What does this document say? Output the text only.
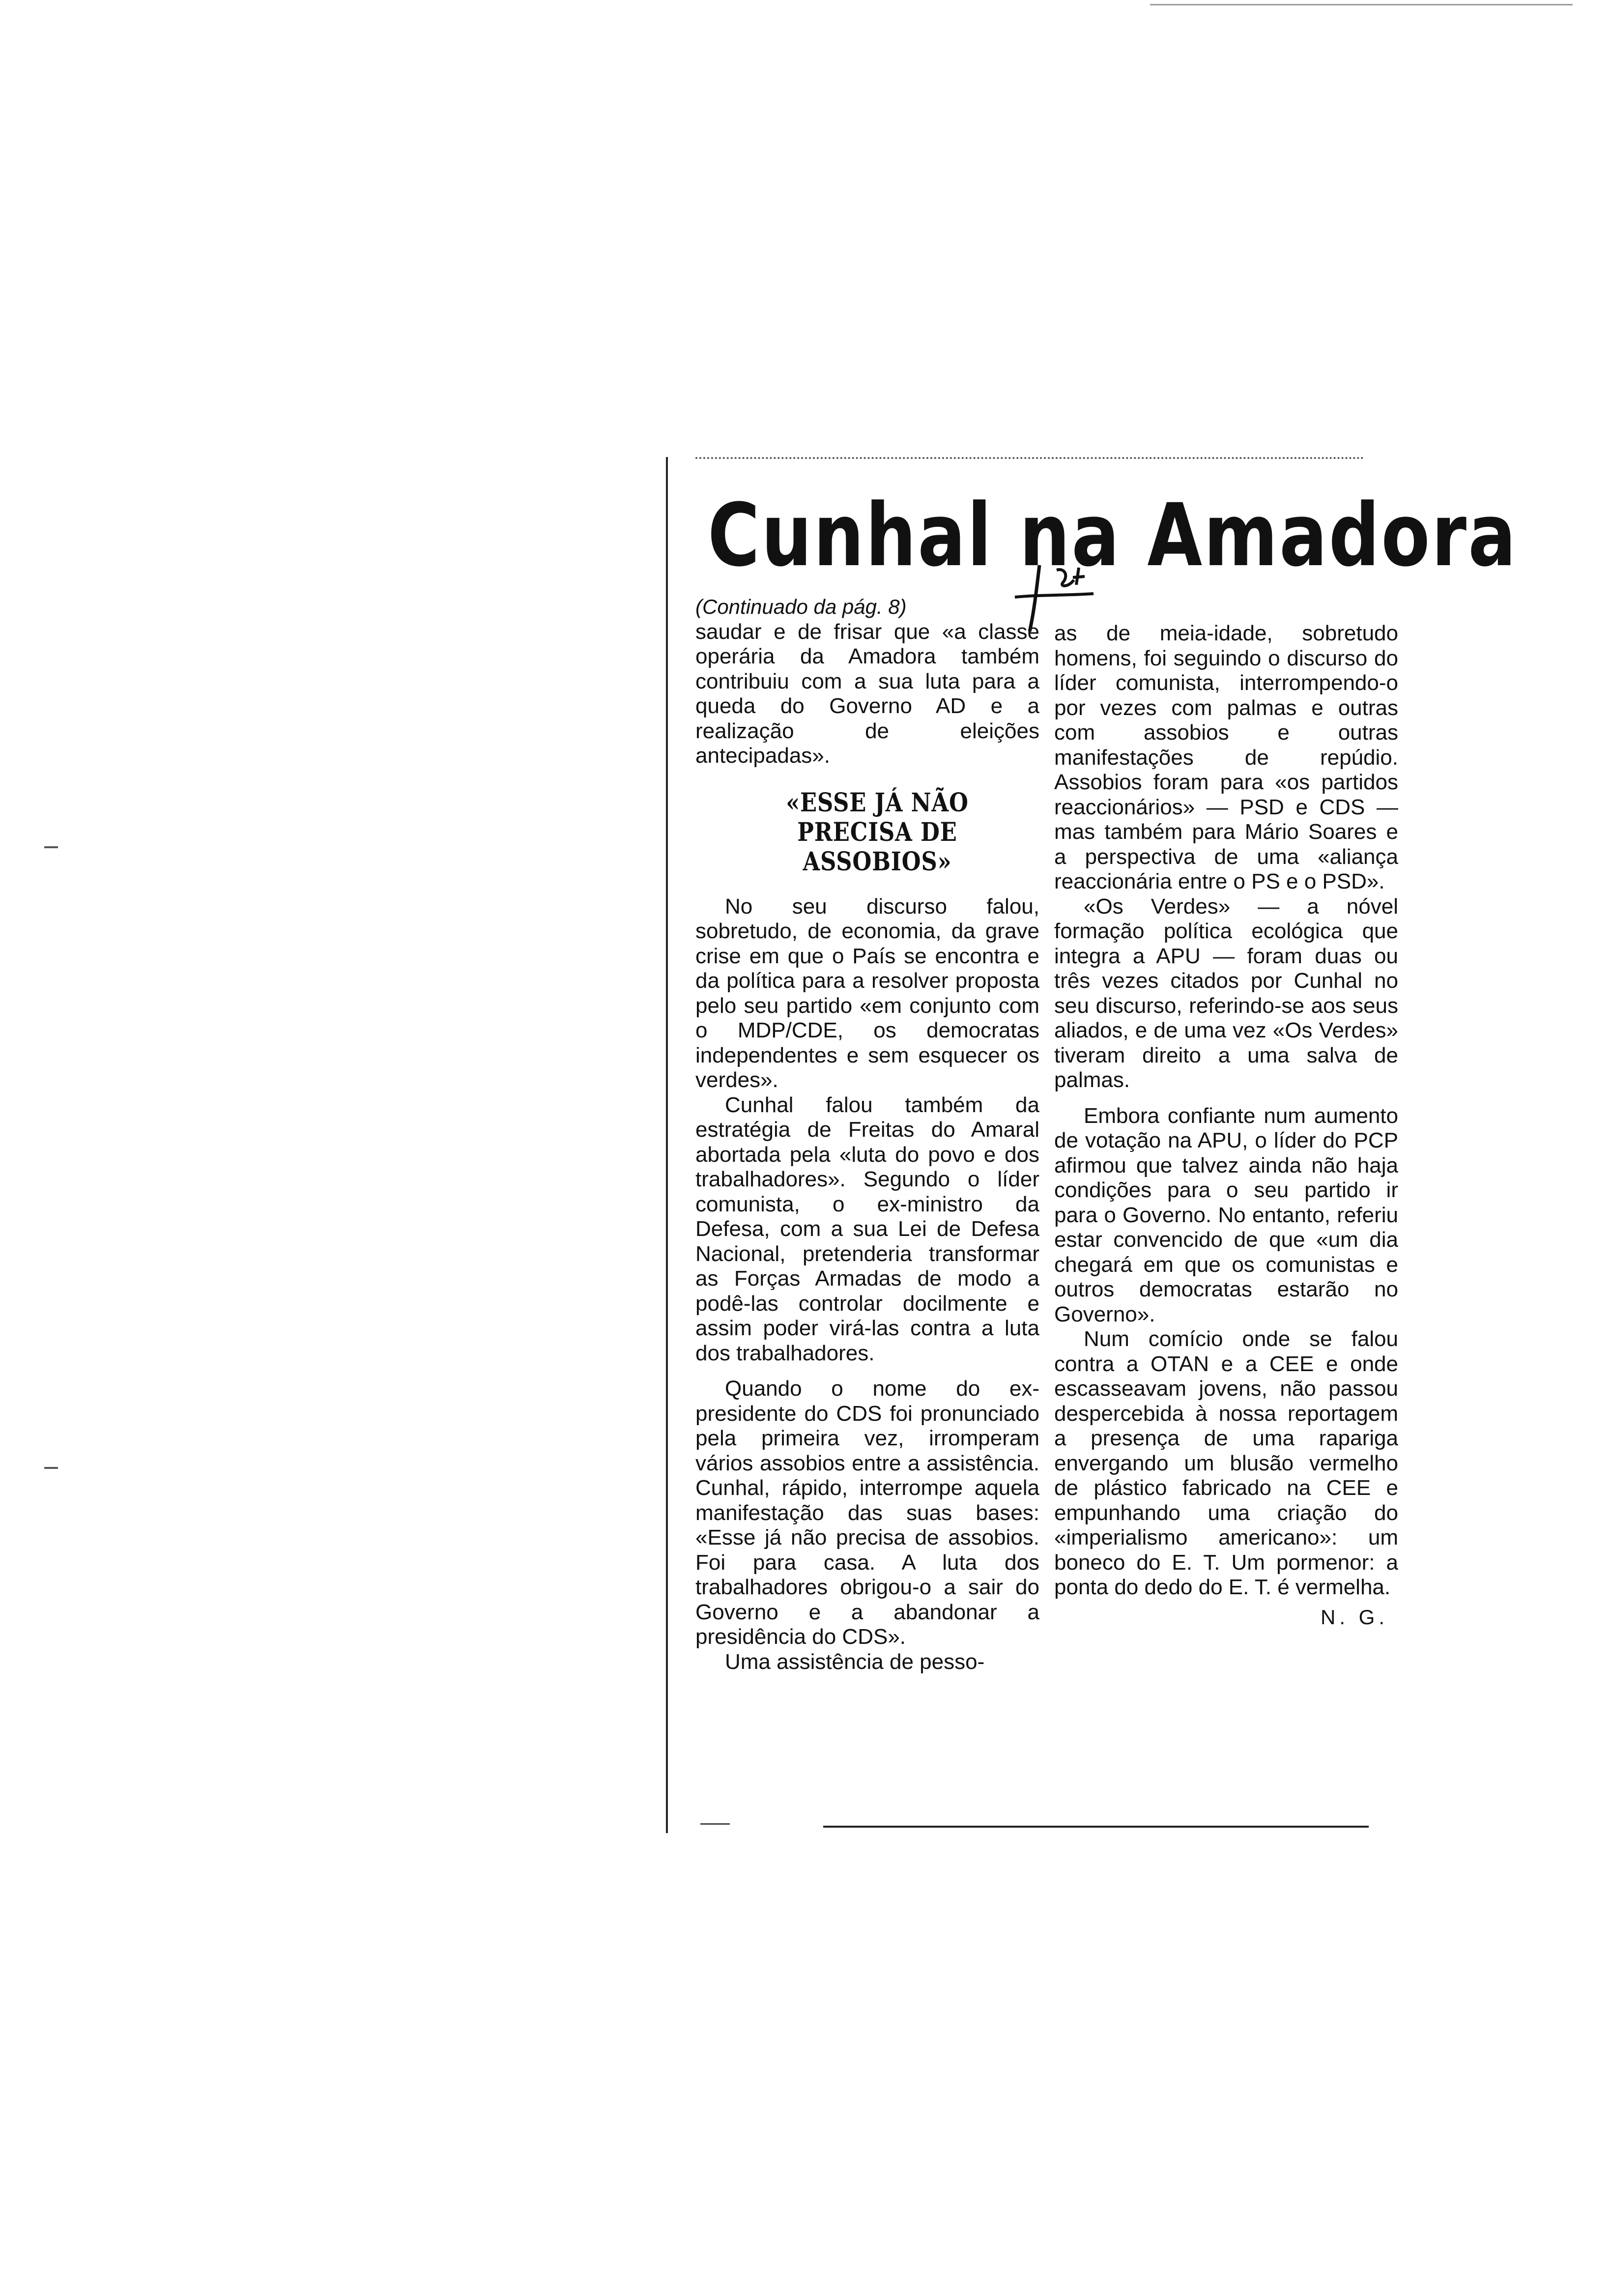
Cunhal na Amadora

(Continuado da pág. 8)

saudar e de frisar que «a classe operária da Amadora também contribuiu com a sua luta para a queda do Governo AD e a realização de eleições antecipadas».

«ESSE JÁ NÃO PRECISA DE ASSOBIOS»

No seu discurso falou, sobretudo, de economia, da grave crise em que o País se encontra e da política para a resolver proposta pelo seu partido «em conjunto com o MDP/CDE, os democratas independentes e sem esquecer os verdes».

Cunhal falou também da estratégia de Freitas do Amaral abortada pela «luta do povo e dos trabalhadores». Segundo o líder comunista, o ex-ministro da Defesa, com a sua Lei de Defesa Nacional, pretenderia transformar as Forças Armadas de modo a podê-las controlar docilmente e assim poder virá-las contra a luta dos trabalhadores.

Quando o nome do ex-presidente do CDS foi pronunciado pela primeira vez, irromperam vários assobios entre a assistência. Cunhal, rápido, interrompe aquela manifestação das suas bases: «Esse já não precisa de assobios. Foi para casa. A luta dos trabalhadores obrigou-o a sair do Governo e a abandonar a presidência do CDS».

Uma assistência de pesso-

as de meia-idade, sobretudo homens, foi seguindo o discurso do líder comunista, interrompendo-o por vezes com palmas e outras com assobios e outras manifestações de repúdio. Assobios foram para «os partidos reaccionários» — PSD e CDS — mas também para Mário Soares e a perspectiva de uma «aliança reaccionária entre o PS e o PSD».

«Os Verdes» — a nóvel formação política ecológica que integra a APU — foram duas ou três vezes citados por Cunhal no seu discurso, referindo-se aos seus aliados, e de uma vez «Os Verdes» tiveram direito a uma salva de palmas.

Embora confiante num aumento de votação na APU, o líder do PCP afirmou que talvez ainda não haja condições para o seu partido ir para o Governo. No entanto, referiu estar convencido de que «um dia chegará em que os comunistas e outros democratas estarão no Governo».

Num comício onde se falou contra a OTAN e a CEE e onde escasseavam jovens, não passou despercebida à nossa reportagem a presença de uma rapariga envergando um blusão vermelho de plástico fabricado na CEE e empunhando uma criação do «imperialismo americano»: um boneco do E. T. Um pormenor: a ponta do dedo do E. T. é vermelha.

N. G.
